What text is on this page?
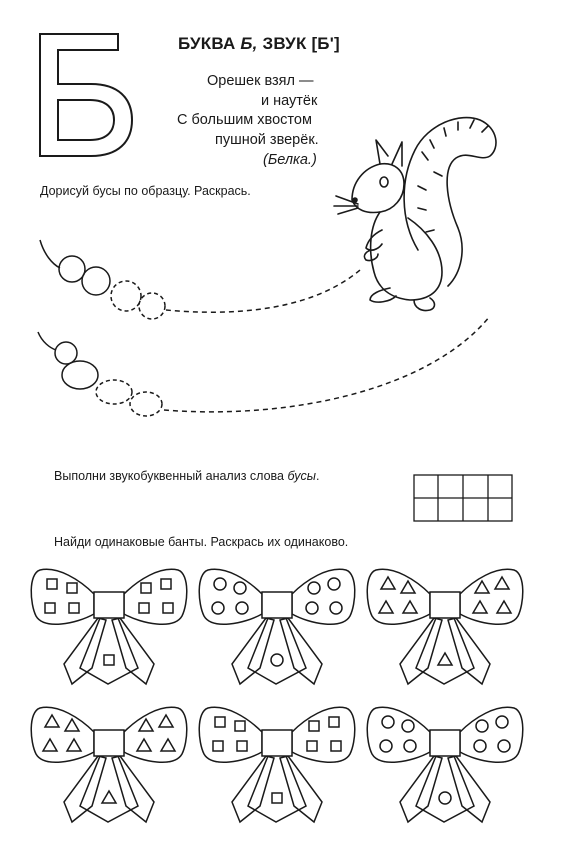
БУКВА Б, ЗВУК [Б']
Орешек взял —
и наутёк
С большим хвостом
пушной зверёк.
(Белка.)
Дорисуй бусы по образцу. Раскрась.
Выполни звукобуквенный анализ слова бусы.
Найди одинаковые банты. Раскрась их одинаково.
